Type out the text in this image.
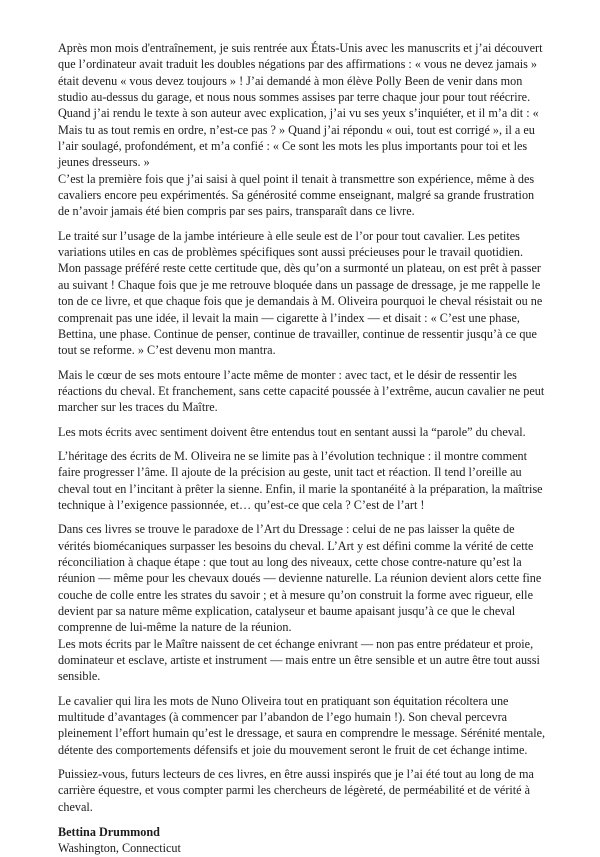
Après mon mois d'entraînement, je suis rentrée aux États-Unis avec les manuscrits et j’ai découvert que l’ordinateur avait traduit les doubles négations par des affirmations : « vous ne devez jamais » était devenu « vous devez toujours » ! J’ai demandé à mon élève Polly Been de venir dans mon studio au-dessus du garage, et nous nous sommes assises par terre chaque jour pour tout réécrire. Quand j’ai rendu le texte à son auteur avec explication, j’ai vu ses yeux s’inquiéter, et il m’a dit : « Mais tu as tout remis en ordre, n’est-ce pas ? » Quand j’ai répondu « oui, tout est corrigé », il a eu l’air soulagé, profondément, et m’a confié : « Ce sont les mots les plus importants pour toi et les jeunes dresseurs. »

C’est la première fois que j’ai saisi à quel point il tenait à transmettre son expérience, même à des cavaliers encore peu expérimentés. Sa générosité comme enseignant, malgré sa grande frustration de n’avoir jamais été bien compris par ses pairs, transparaît dans ce livre.

Le traité sur l’usage de la jambe intérieure à elle seule est de l’or pour tout cavalier. Les petites variations utiles en cas de problèmes spécifiques sont aussi précieuses pour le travail quotidien. Mon passage préféré reste cette certitude que, dès qu’on a surmonté un plateau, on est prêt à passer au suivant ! Chaque fois que je me retrouve bloquée dans un passage de dressage, je me rappelle le ton de ce livre, et que chaque fois que je demandais à M. Oliveira pourquoi le cheval résistait ou ne comprenait pas une idée, il levait la main — cigarette à l’index — et disait : « C’est une phase, Bettina, une phase. Continue de penser, continue de travailler, continue de ressentir jusqu’à ce que tout se reforme. » C’est devenu mon mantra.

Mais le cœur de ses mots entoure l’acte même de monter : avec tact, et le désir de ressentir les réactions du cheval. Et franchement, sans cette capacité poussée à l’extrême, aucun cavalier ne peut marcher sur les traces du Maître.

Les mots écrits avec sentiment doivent être entendus tout en sentant aussi la “parole” du cheval.

L’héritage des écrits de M. Oliveira ne se limite pas à l’évolution technique : il montre comment faire progresser l’âme. Il ajoute de la précision au geste, unit tact et réaction. Il tend l’oreille au cheval tout en l’incitant à prêter la sienne. Enfin, il marie la spontanéité à la préparation, la maîtrise technique à l’exigence passionnée, et… qu’est-ce que cela ? C’est de l’art !

Dans ces livres se trouve le paradoxe de l’Art du Dressage : celui de ne pas laisser la quête de vérités biomécaniques surpasser les besoins du cheval. L’Art y est défini comme la vérité de cette réconciliation à chaque étape : que tout au long des niveaux, cette chose contre-nature qu’est la réunion — même pour les chevaux doués — devienne naturelle. La réunion devient alors cette fine couche de colle entre les strates du savoir ; et à mesure qu’on construit la forme avec rigueur, elle devient par sa nature même explication, catalyseur et baume apaisant jusqu’à ce que le cheval comprenne de lui-même la nature de la réunion.

Les mots écrits par le Maître naissent de cet échange enivrant — non pas entre prédateur et proie, dominateur et esclave, artiste et instrument — mais entre un être sensible et un autre être tout aussi sensible.

Le cavalier qui lira les mots de Nuno Oliveira tout en pratiquant son équitation récoltera une multitude d’avantages (à commencer par l’abandon de l’ego humain !). Son cheval percevra pleinement l’effort humain qu’est le dressage, et saura en comprendre le message. Sérénité mentale, détente des comportements défensifs et joie du mouvement seront le fruit de cet échange intime.

Puissiez-vous, futurs lecteurs de ces livres, en être aussi inspirés que je l’ai été tout au long de ma carrière équestre, et vous compter parmi les chercheurs de légèreté, de perméabilité et de vérité à cheval.

Bettina Drummond
Washington, Connecticut
